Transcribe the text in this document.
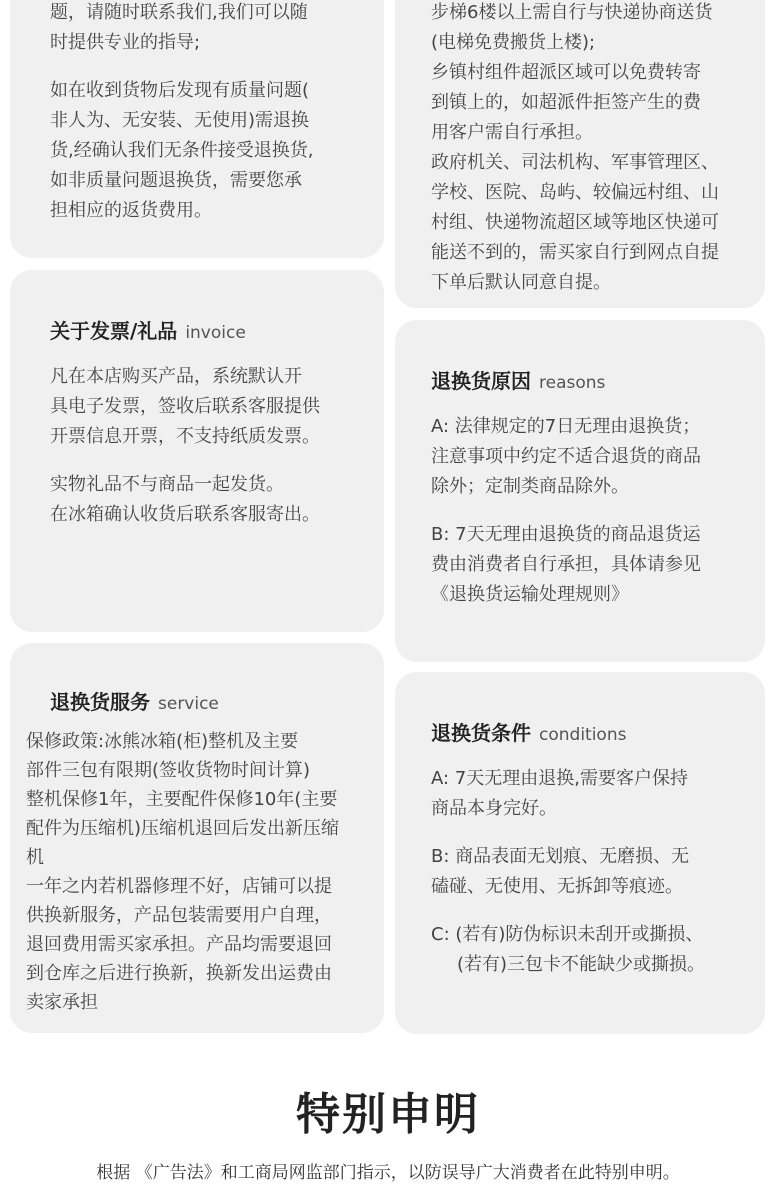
题，请随时联系我们,我们可以随
时提供专业的指导;

如在收到货物后发现有质量问题(
非人为、无安装、无使用)需退换
货,经确认我们无条件接受退换货,
如非质量问题退换货，需要您承
担相应的返货费用。

步梯6楼以上需自行与快递协商送货
(电梯免费搬货上楼);
乡镇村组件超派区域可以免费转寄
到镇上的，如超派件拒签产生的费
用客户需自行承担。
政府机关、司法机构、军事管理区、
学校、医院、岛屿、较偏远村组、山
村组、快递物流超区域等地区快递可
能送不到的，需买家自行到网点自提
下单后默认同意自提。

关于发票/礼品 invoice

凡在本店购买产品，系统默认开
具电子发票，签收后联系客服提供
开票信息开票，不支持纸质发票。

实物礼品不与商品一起发货。
在冰箱确认收货后联系客服寄出。

退换货原因 reasons

A: 法律规定的7日无理由退换货；
注意事项中约定不适合退货的商品
除外；定制类商品除外。

B: 7天无理由退换货的商品退货运
费由消费者自行承担，具体请参见
《退换货运输处理规则》

退换货服务 service

保修政策:冰熊冰箱(柜)整机及主要
部件三包有限期(签收货物时间计算)
整机保修1年，主要配件保修10年(主要
配件为压缩机)压缩机退回后发出新压缩
机
一年之内若机器修理不好，店铺可以提
供换新服务，产品包装需要用户自理，
退回费用需买家承担。产品均需要退回
到仓库之后进行换新，换新发出运费由
卖家承担

退换货条件 conditions

A: 7天无理由退换,需要客户保持
商品本身完好。

B: 商品表面无划痕、无磨损、无
磕碰、无使用、无拆卸等痕迹。

C: (若有)防伪标识未刮开或撕损、

(若有)三包卡不能缺少或撕损。

特别申明

根据 《广告法》和工商局网监部门指示，以防误导广大消费者在此特别申明。
